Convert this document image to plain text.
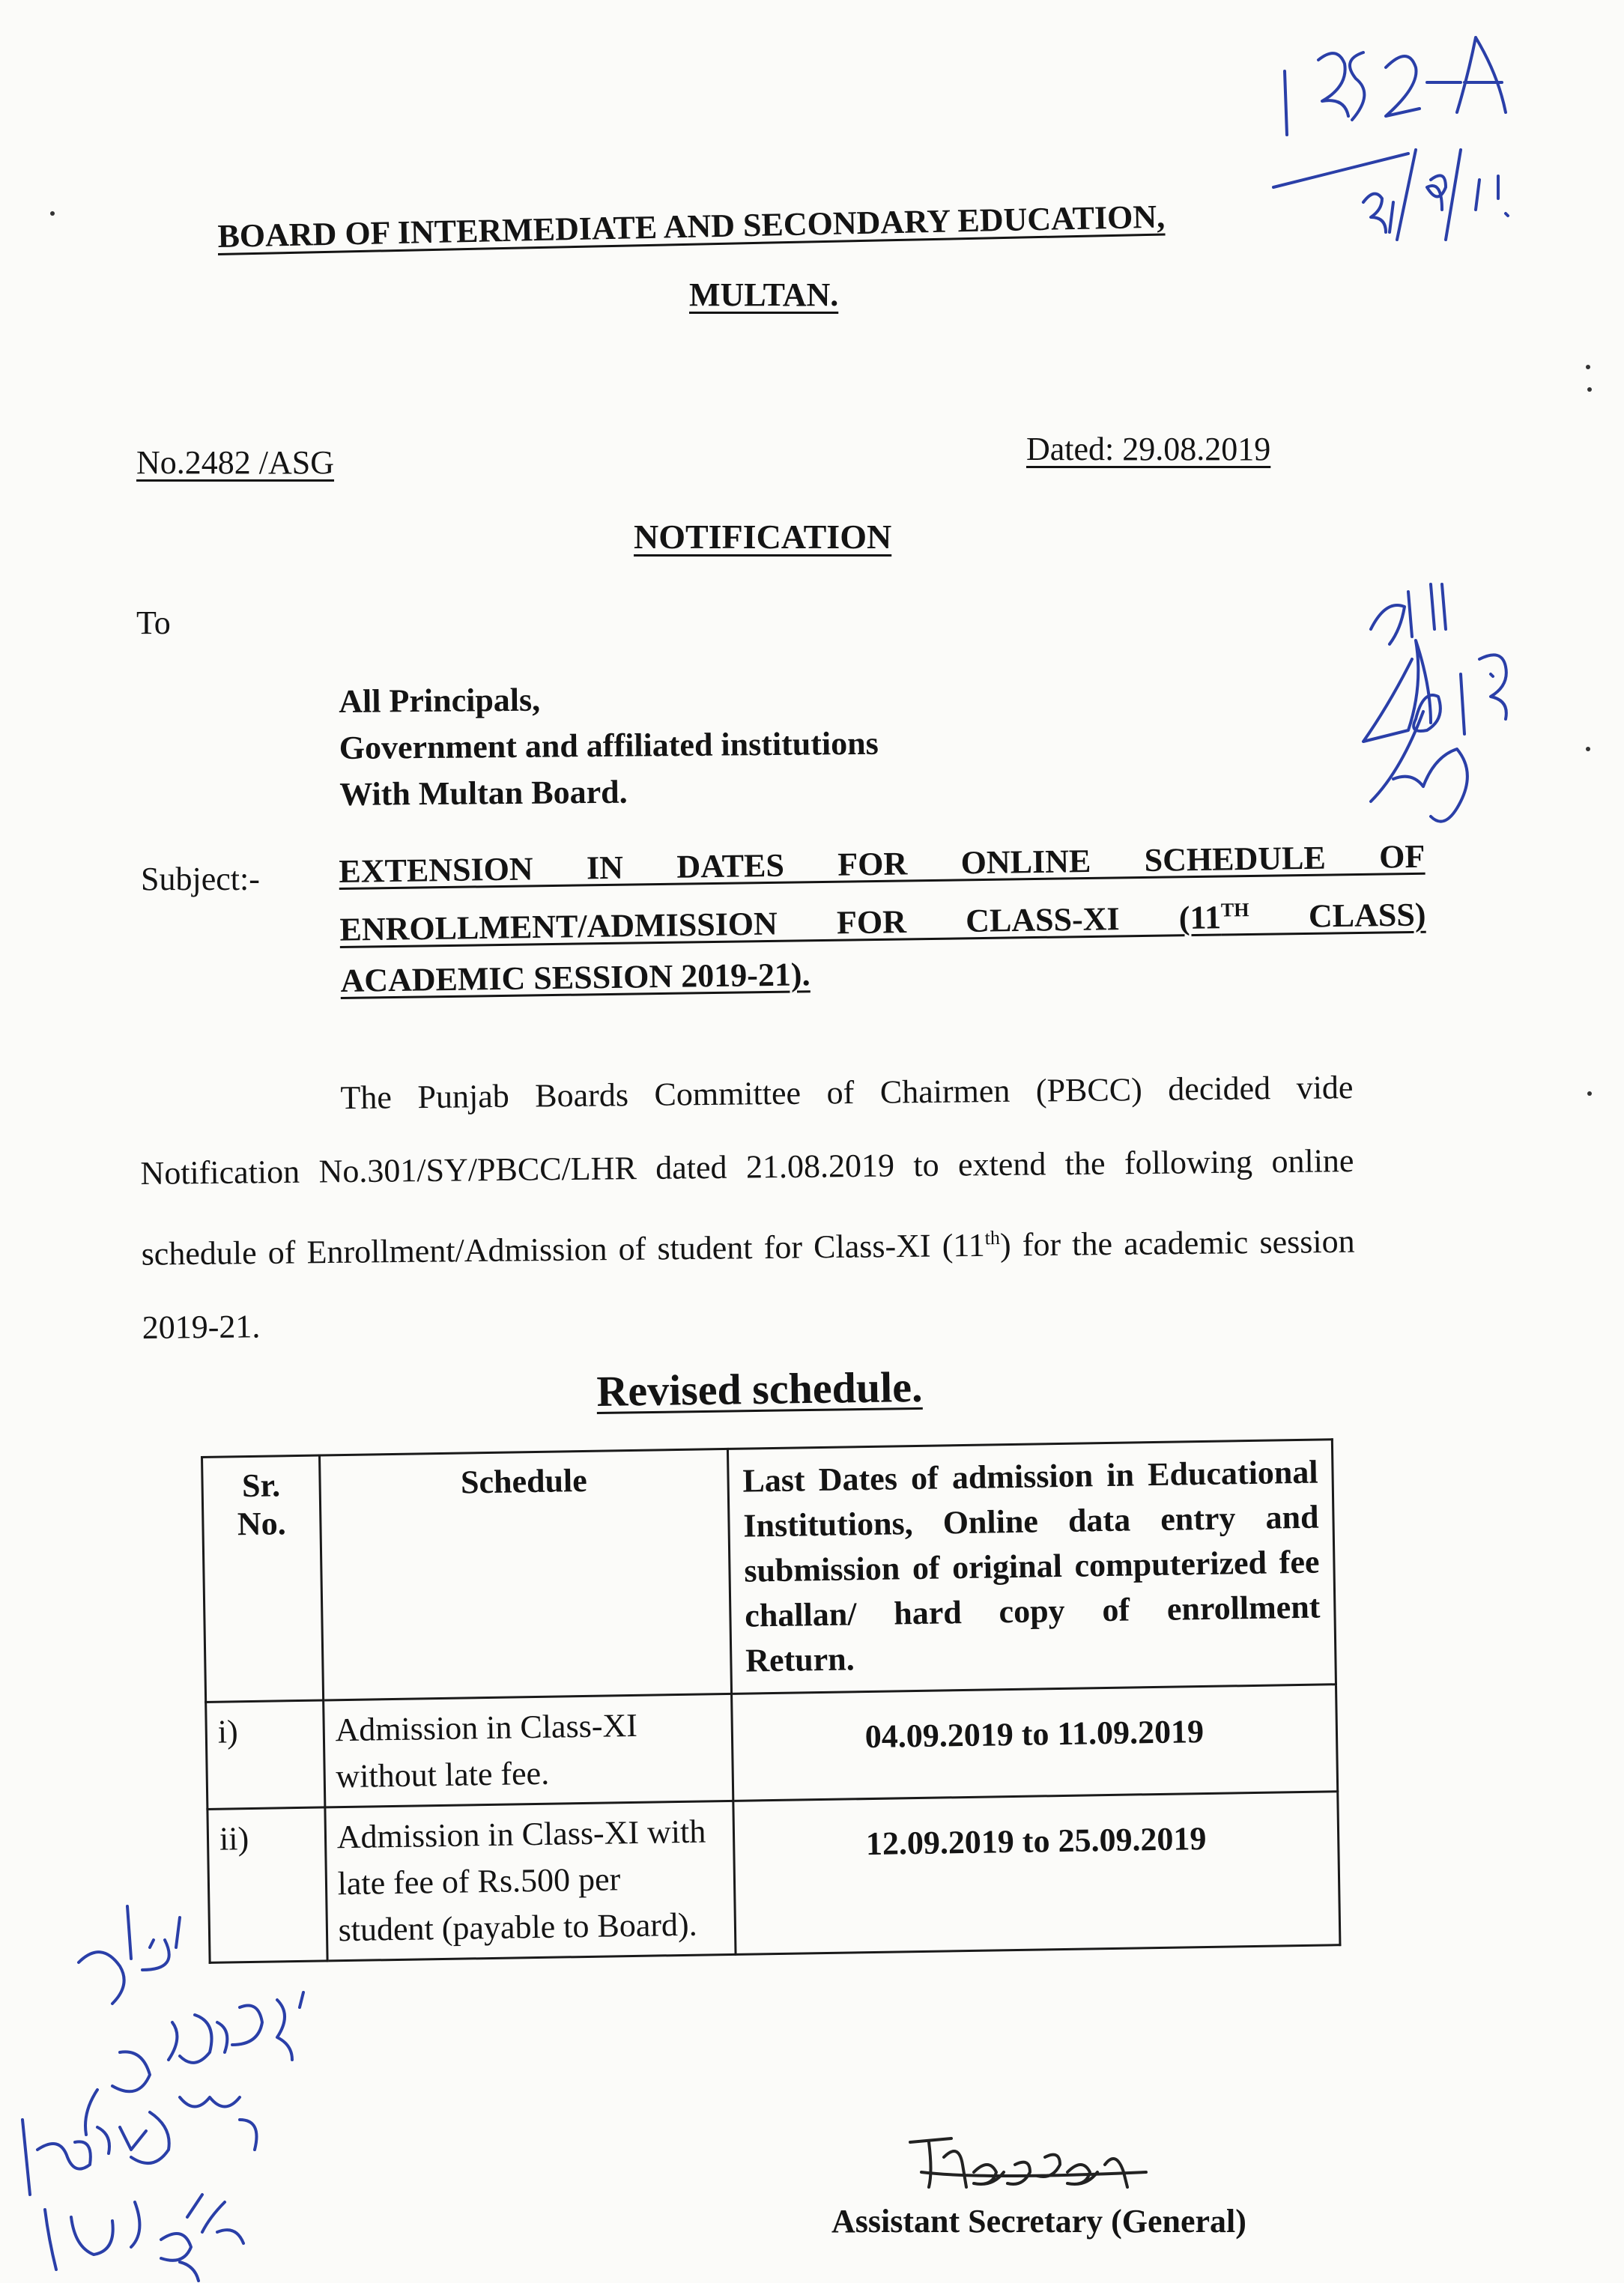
BOARD OF INTERMEDIATE AND SECONDARY EDUCATION,
MULTAN.
No.2482 /ASG	Dated: 29.08.2019
NOTIFICATION
To
All Principals,
Government and affiliated institutions
With Multan Board.
Subject:- EXTENSION IN DATES FOR ONLINE SCHEDULE OF
ENROLLMENT/ADMISSION FOR CLASS-XI (11TH CLASS)
ACADEMIC SESSION 2019-21).

The Punjab Boards Committee of Chairmen (PBCC) decided vide Notification No.301/SY/PBCC/LHR dated 21.08.2019 to extend the following online schedule of Enrollment/Admission of student for Class-XI (11th) for the academic session 2019-21.

Revised schedule.
Sr. No.	Schedule	Last Dates of admission in Educational Institutions, Online data entry and submission of original computerized fee challan/ hard copy of enrollment Return.
i)	Admission in Class-XI without late fee.	04.09.2019 to 11.09.2019
ii)	Admission in Class-XI with late fee of Rs.500 per student (payable to Board).	12.09.2019 to 25.09.2019
Assistant Secretary (General)
